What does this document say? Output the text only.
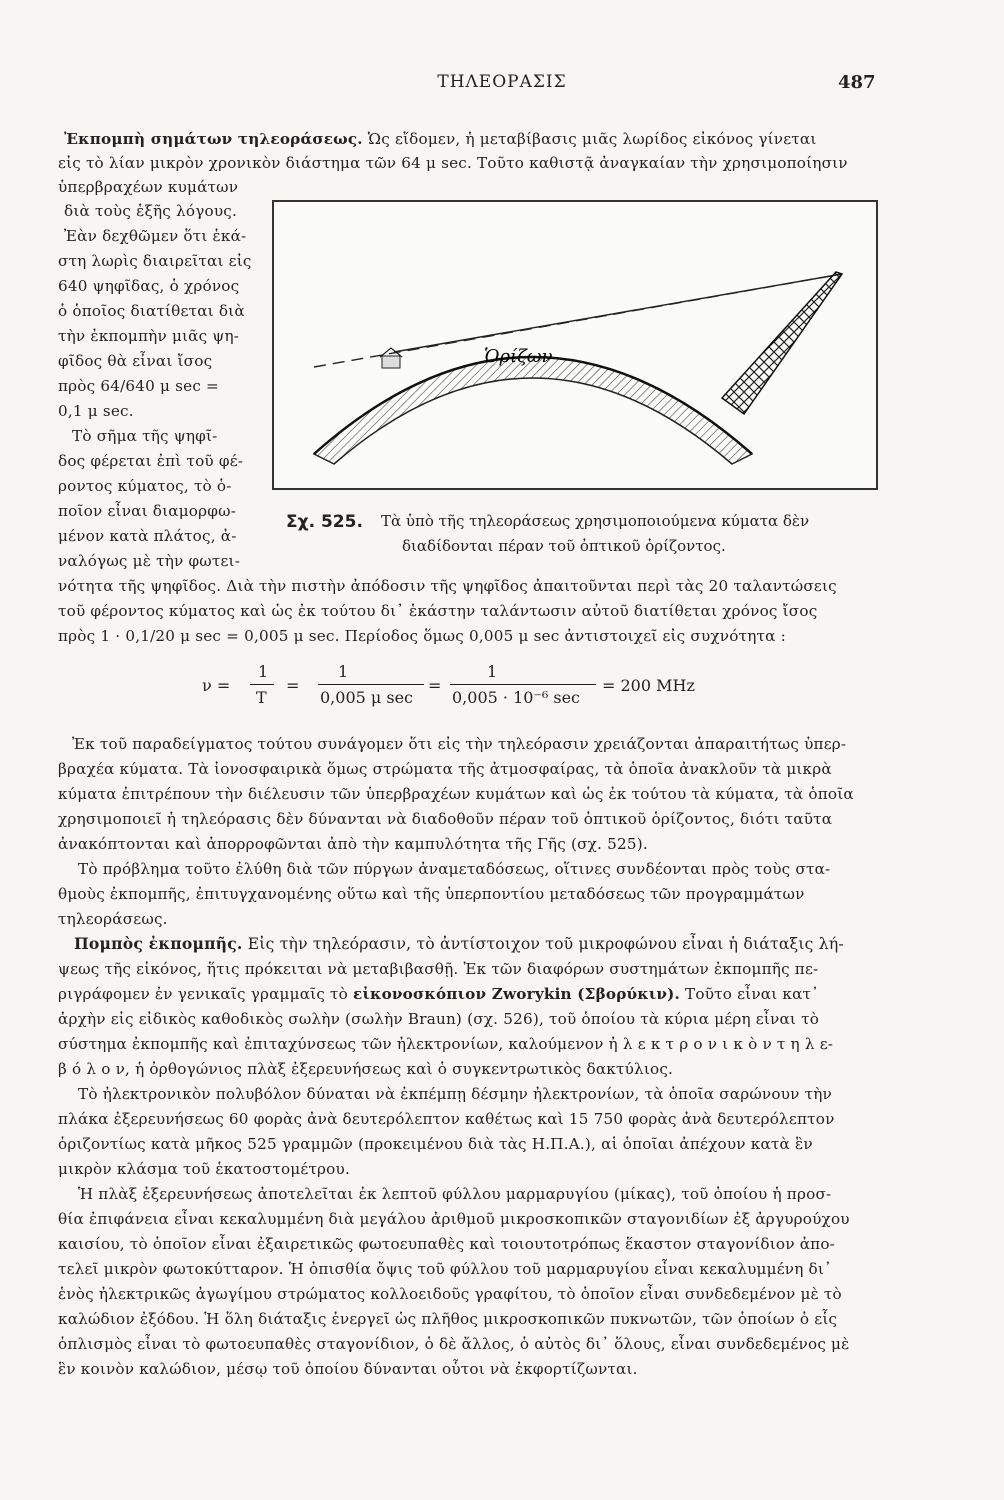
ΤΗΛΕΟΡΑΣΙΣ	487
Ἐκπομπὴ σημάτων τηλεοράσεως. Ὡς εἴδομεν, ἡ μεταβίβασις μιᾶς λωρίδος εἰκόνος γίνεται
εἰς τὸ λίαν μικρὸν χρονικὸν διάστημα τῶν 64 μ sec. Τοῦτο καθιστᾷ ἀναγκαίαν τὴν χρησιμοποίησιν
ὑπερβραχέων κυμάτων
διὰ τοὺς ἑξῆς λόγους.
Ἐὰν δεχθῶμεν ὅτι ἑκά-
στη λωρὶς διαιρεῖται εἰς
640 ψηφῖδας, ὁ χρόνος
ὁ ὁποῖος διατίθεται διὰ
τὴν ἐκπομπὴν μιᾶς ψη-
φῖδος θὰ εἶναι ἴσος
πρὸς 64/640 μ sec =
0,1 μ sec.
Τὸ σῆμα τῆς ψηφῖ-
δος φέρεται ἐπὶ τοῦ φέ-
ροντος κύματος, τὸ ὁ-
ποῖον εἶναι διαμορφω-
μένον κατὰ πλάτος, ἀ-
ναλόγως μὲ τὴν φωτει-
νότητα τῆς ψηφῖδος. Διὰ τὴν πιστὴν ἀπόδοσιν τῆς ψηφῖδος ἀπαιτοῦνται περὶ τὰς 20 ταλαντώσεις
τοῦ φέροντος κύματος καὶ ὡς ἐκ τούτου δι᾿ ἑκάστην ταλάντωσιν αὐτοῦ διατίθεται χρόνος ἴσος
πρὸς 1 · 0,1/20 μ sec = 0,005 μ sec. Περίοδος ὅμως 0,005 μ sec ἀντιστοιχεῖ εἰς συχνότητα :
Ὁρίζων
Σχ. 525. Τὰ ὑπὸ τῆς τηλεοράσεως χρησιμοποιούμενα κύματα δὲν
διαδίδονται πέραν τοῦ ὀπτικοῦ ὁρίζοντος.
ν =
1
T
=
1
0,005 μ sec
=
1
0,005 · 10⁻⁶ sec
= 200 MHz
Ἐκ τοῦ παραδείγματος τούτου συνάγομεν ὅτι εἰς τὴν τηλεόρασιν χρειάζονται ἀπαραιτήτως ὑπερ-
βραχέα κύματα. Τὰ ἰονοσφαιρικὰ ὅμως στρώματα τῆς ἀτμοσφαίρας, τὰ ὁποῖα ἀνακλοῦν τὰ μικρὰ
κύματα ἐπιτρέπουν τὴν διέλευσιν τῶν ὑπερβραχέων κυμάτων καὶ ὡς ἐκ τούτου τὰ κύματα, τὰ ὁποῖα
χρησιμοποιεῖ ἡ τηλεόρασις δὲν δύνανται νὰ διαδοθοῦν πέραν τοῦ ὀπτικοῦ ὁρίζοντος, διότι ταῦτα
ἀνακόπτονται καὶ ἀπορροφῶνται ἀπὸ τὴν καμπυλότητα τῆς Γῆς (σχ. 525).
Τὸ πρόβλημα τοῦτο ἐλύθη διὰ τῶν πύργων ἀναμεταδόσεως, οἵτινες συνδέονται πρὸς τοὺς στα-
θμοὺς ἐκπομπῆς, ἐπιτυγχανομένης οὕτω καὶ τῆς ὑπερποντίου μεταδόσεως τῶν προγραμμάτων
τηλεοράσεως.
Πομπὸς ἐκπομπῆς. Εἰς τὴν τηλεόρασιν, τὸ ἀντίστοιχον τοῦ μικροφώνου εἶναι ἡ διάταξις λή-
ψεως τῆς εἰκόνος, ἥτις πρόκειται νὰ μεταβιβασθῇ. Ἐκ τῶν διαφόρων συστημάτων ἐκπομπῆς πε-
ριγράφομεν ἐν γενικαῖς γραμμαῖς τὸ εἰκονοσκόπιον Zworykin (Σβορύκιν). Τοῦτο εἶναι κατ᾿
ἀρχὴν εἰς εἰδικὸς καθοδικὸς σωλὴν (σωλὴν Braun) (σχ. 526), τοῦ ὁποίου τὰ κύρια μέρη εἶναι τὸ
σύστημα ἐκπομπῆς καὶ ἐπιταχύνσεως τῶν ἠλεκτρονίων, καλούμενον ἠ λ ε κ τ ρ ο ν ι κ ὸ ν τ η λ ε-
β ό λ ο ν, ἡ ὀρθογώνιος πλὰξ ἐξερευνήσεως καὶ ὁ συγκεντρωτικὸς δακτύλιος.
Τὸ ἠλεκτρονικὸν πολυβόλον δύναται νὰ ἐκπέμπῃ δέσμην ἠλεκτρονίων, τὰ ὁποῖα σαρώνουν τὴν
πλάκα ἐξερευνήσεως 60 φορὰς ἀνὰ δευτερόλεπτον καθέτως καὶ 15 750 φορὰς ἀνὰ δευτερόλεπτον
ὁριζοντίως κατὰ μῆκος 525 γραμμῶν (προκειμένου διὰ τὰς Η.Π.Α.), αἱ ὁποῖαι ἀπέχουν κατὰ ἓν
μικρὸν κλάσμα τοῦ ἑκατοστομέτρου.
Ἡ πλὰξ ἐξερευνήσεως ἀποτελεῖται ἐκ λεπτοῦ φύλλου μαρμαρυγίου (μίκας), τοῦ ὁποίου ἡ προσ-
θία ἐπιφάνεια εἶναι κεκαλυμμένη διὰ μεγάλου ἀριθμοῦ μικροσκοπικῶν σταγονιδίων ἐξ ἀργυρούχου
καισίου, τὸ ὁποῖον εἶναι ἐξαιρετικῶς φωτοευπαθὲς καὶ τοιουτοτρόπως ἕκαστον σταγονίδιον ἀπο-
τελεῖ μικρὸν φωτοκύτταρον. Ἡ ὀπισθία ὄψις τοῦ φύλλου τοῦ μαρμαρυγίου εἶναι κεκαλυμμένη δι᾿
ἑνὸς ἠλεκτρικῶς ἀγωγίμου στρώματος κολλοειδοῦς γραφίτου, τὸ ὁποῖον εἶναι συνδεδεμένον μὲ τὸ
καλώδιον ἐξόδου. Ἡ ὅλη διάταξις ἐνεργεῖ ὡς πλῆθος μικροσκοπικῶν πυκνωτῶν, τῶν ὁποίων ὁ εἷς
ὁπλισμὸς εἶναι τὸ φωτοευπαθὲς σταγονίδιον, ὁ δὲ ἄλλος, ὁ αὐτὸς δι᾿ ὅλους, εἶναι συνδεδεμένος μὲ
ἓν κοινὸν καλώδιον, μέσῳ τοῦ ὁποίου δύνανται οὗτοι νὰ ἐκφορτίζωνται.
